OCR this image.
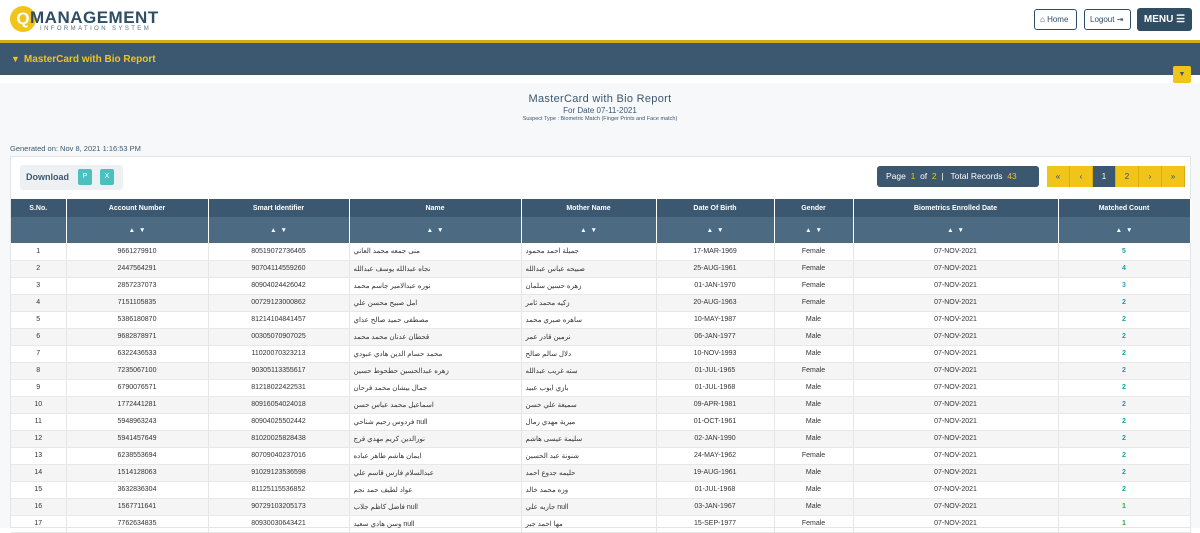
Q MANAGEMENT
INFORMATION SYSTEM
⌂ Home	Logout ⇥	MENU ☰
▼ MasterCard with Bio Report
▼
MasterCard with Bio Report
For Date 07-11-2021
Suspect Type : Biometric Match (Finger Prints and Face match)
Generated on: Nov 8, 2021 1:16:53 PM
Download	P	X	Page 1 of 2  |   Total Records 43	«	‹	1	2	›	»
S.No.	Account Number	Smart Identifier	Name	Mother Name	Date Of Birth	Gender	Biometrics Enrolled Date	Matched Count
	▲ ▼	▲ ▼	▲ ▼	▲ ▼	▲ ▼	▲ ▼	▲ ▼	▲ ▼
1	9661279910	80519072736465	منى جمعه محمد العاني	جميلة احمد محمود	17-MAR-1969	Female	07-NOV-2021	5
2	2447564291	90704114559260	نجاه عبدالله يوسف عبدالله	صبيحه عباس عبدالله	25-AUG-1961	Female	07-NOV-2021	4
3	2857237073	80904024426042	نوره عبدالامير جاسم محمد	زهره حسين سلمان	01-JAN-1970	Female	07-NOV-2021	3
4	7151105835	00729123000862	امل صبيح محسن علي	زكيه محمد ثامر	20-AUG-1963	Female	07-NOV-2021	2
5	5386180870	81214104841457	مصطفى حميد صالح عداي	ساهره صبري محمد	10-MAY-1987	Male	07-NOV-2021	2
6	9682878971	00305070907025	قحطان عدنان محمد محمد	نرمين قادر عمر	06-JAN-1977	Male	07-NOV-2021	2
7	6322436533	11020070323213	محمد حسام الدين هادي عبودي	دلال سالم صالح	10-NOV-1993	Male	07-NOV-2021	2
8	7235067100	90305113355617	زهره عبدالحسين حطحوط حسين	سته غريب عبدالله	01-JUL-1965	Female	07-NOV-2021	2
9	6790076571	81218022422531	جمال بيشان محمد فرحان	بازي ايوب عبيد	01-JUL-1968	Male	07-NOV-2021	2
10	1772441281	80916054024018	اسماعيل محمد عباس حسن	سميعة علي حسن	09-APR-1981	Male	07-NOV-2021	2
11	5948963243	80904025502442	فردوس رحيم شناحي null	ميرية مهدي رمال	01-OCT-1961	Male	07-NOV-2021	2
12	5941457649	81020025828438	نورالدين كريم مهدي فرج	سليمة عيسى هاشم	02-JAN-1990	Male	07-NOV-2021	2
13	6238553694	80709040237016	ايمان هاشم طاهر عباده	شنونة عبد الحسين	24-MAY-1962	Female	07-NOV-2021	2
14	1514128063	91029123536598	عبدالسلام فارس قاسم علي	حليمه جدوع احمد	19-AUG-1961	Male	07-NOV-2021	2
15	3632836304	81125115536852	عواد لطيف حمد نجم	وزه محمد خالد	01-JUL-1968	Male	07-NOV-2021	2
16	1567711641	90729103205173	فاضل كاظم جلاب null	جاريه علي null	03-JAN-1967	Male	07-NOV-2021	1
17	7762634835	80930030643421	وسن هادي سعيد null	مها احمد جبر	15-SEP-1977	Female	07-NOV-2021	1
